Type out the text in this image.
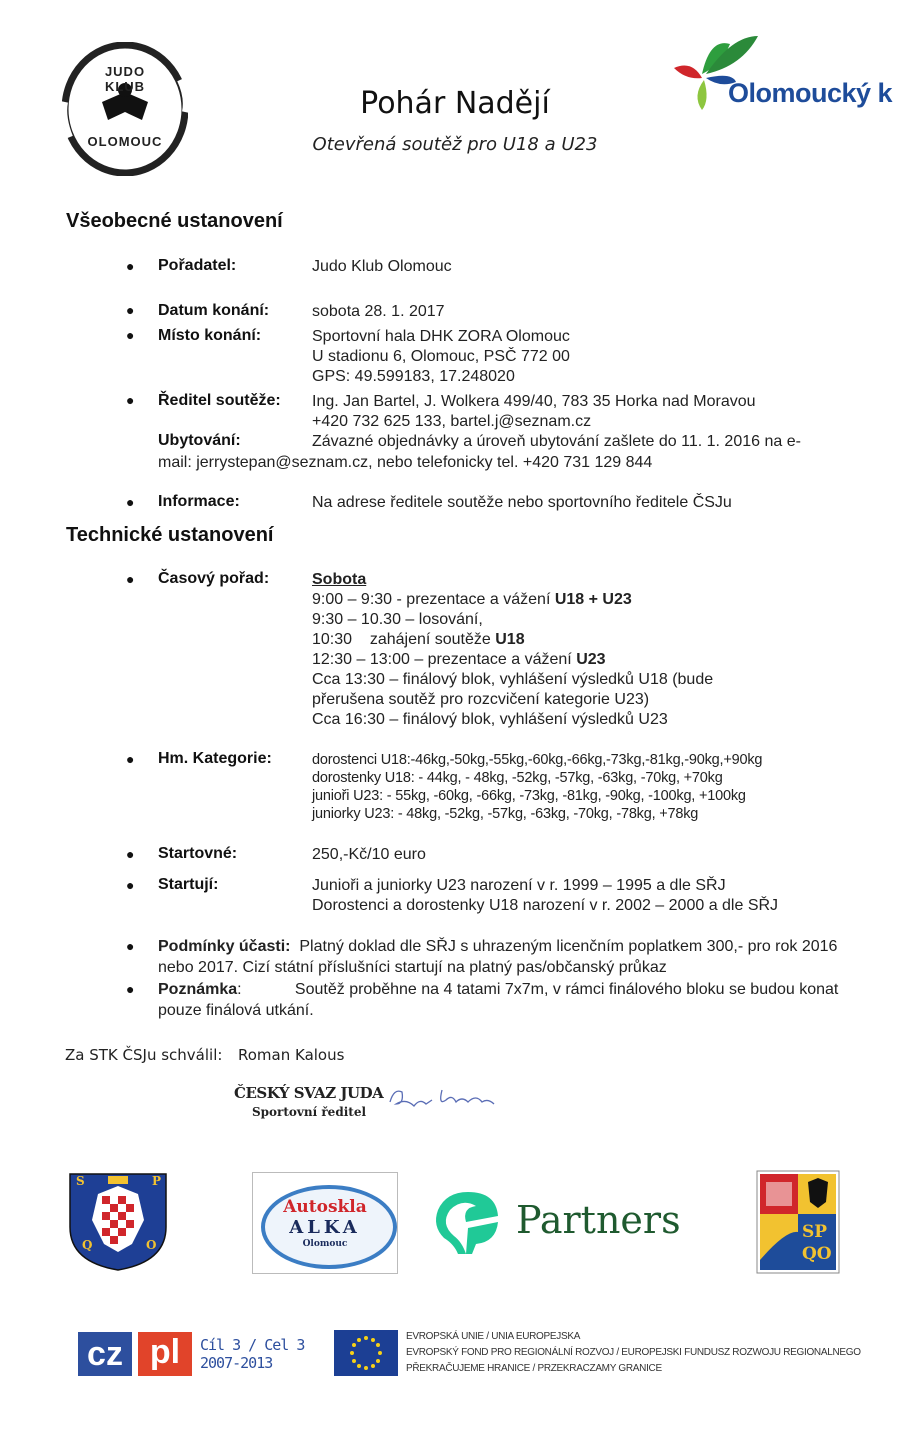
JUDO KLUB
OLOMOUC
Pohár Nadějí
Otevřená soutěž pro U18 a U23
Olomoucký k
Všeobecné ustanovení
● Pořadatel:	Judo Klub Olomouc
● Datum konání:	sobota 28. 1. 2017
● Místo konání:	Sportovní hala DHK ZORA Olomouc
U stadionu 6, Olomouc, PSČ 772 00
GPS: 49.599183, 17.248020
● Ředitel soutěže: Ing. Jan Bartel, J. Wolkera 499/40, 783 35 Horka nad Moravou
+420 732 625 133, bartel.j@seznam.cz
Ubytování:	Závazné objednávky a úroveň ubytování zašlete do 11. 1. 2016 na e-
mail: jerrystepan@seznam.cz, nebo telefonicky tel. +420 731 129 844
● Informace:	Na adrese ředitele soutěže nebo sportovního ředitele ČSJu
Technické ustanovení
● Časový pořad:	Sobota
9:00 – 9:30 - prezentace a vážení U18 + U23
9:30 – 10.30 – losování,
10:30    zahájení soutěže U18
12:30 – 13:00 – prezentace a vážení U23
Cca 13:30 – finálový blok, vyhlášení výsledků U18 (bude
přerušena soutěž pro rozcvičení kategorie U23)
Cca 16:30 – finálový blok, vyhlášení výsledků U23
● Hm. Kategorie:	dorostenci U18:-46kg,-50kg,-55kg,-60kg,-66kg,-73kg,-81kg,-90kg,+90kg
dorostenky U18: - 44kg, - 48kg, -52kg, -57kg, -63kg, -70kg, +70kg
junioři U23: - 55kg, -60kg, -66kg, -73kg, -81kg, -90kg, -100kg, +100kg
juniorky U23: - 48kg, -52kg, -57kg, -63kg, -70kg, -78kg, +78kg
● Startovné:	250,-Kč/10 euro
● Startují:	Junioři a juniorky U23 narození v r. 1999 – 1995 a dle SŘJ
Dorostenci a dorostenky U18 narození v r. 2002 – 2000 a dle SŘJ
● Podmínky účasti: Platný doklad dle SŘJ s uhrazeným licenčním poplatkem 300,- pro rok 2016 nebo 2017. Cizí státní příslušníci startují na platný pas/občanský průkaz
● Poznámka:            Soutěž proběhne na 4 tatami 7x7m, v rámci finálového bloku se budou konat pouze finálová utkání.
Za STK ČSJu schválil: Roman Kalous
ČESKÝ SVAZ JUDA
Sportovní ředitel
S	P
Q	O
Autoskla
ALKA
Olomouc
Partners	SP
QO
cz pl	Cíl 3 / Cel 3
2007-2013
EVROPSKÁ UNIE / UNIA EUROPEJSKA
EVROPSKÝ FOND PRO REGIONÁLNÍ ROZVOJ / EUROPEJSKI FUNDUSZ ROZWOJU REGIONALNEGO
PŘEKRAČUJEME HRANICE / PRZEKRACZAMY GRANICE
